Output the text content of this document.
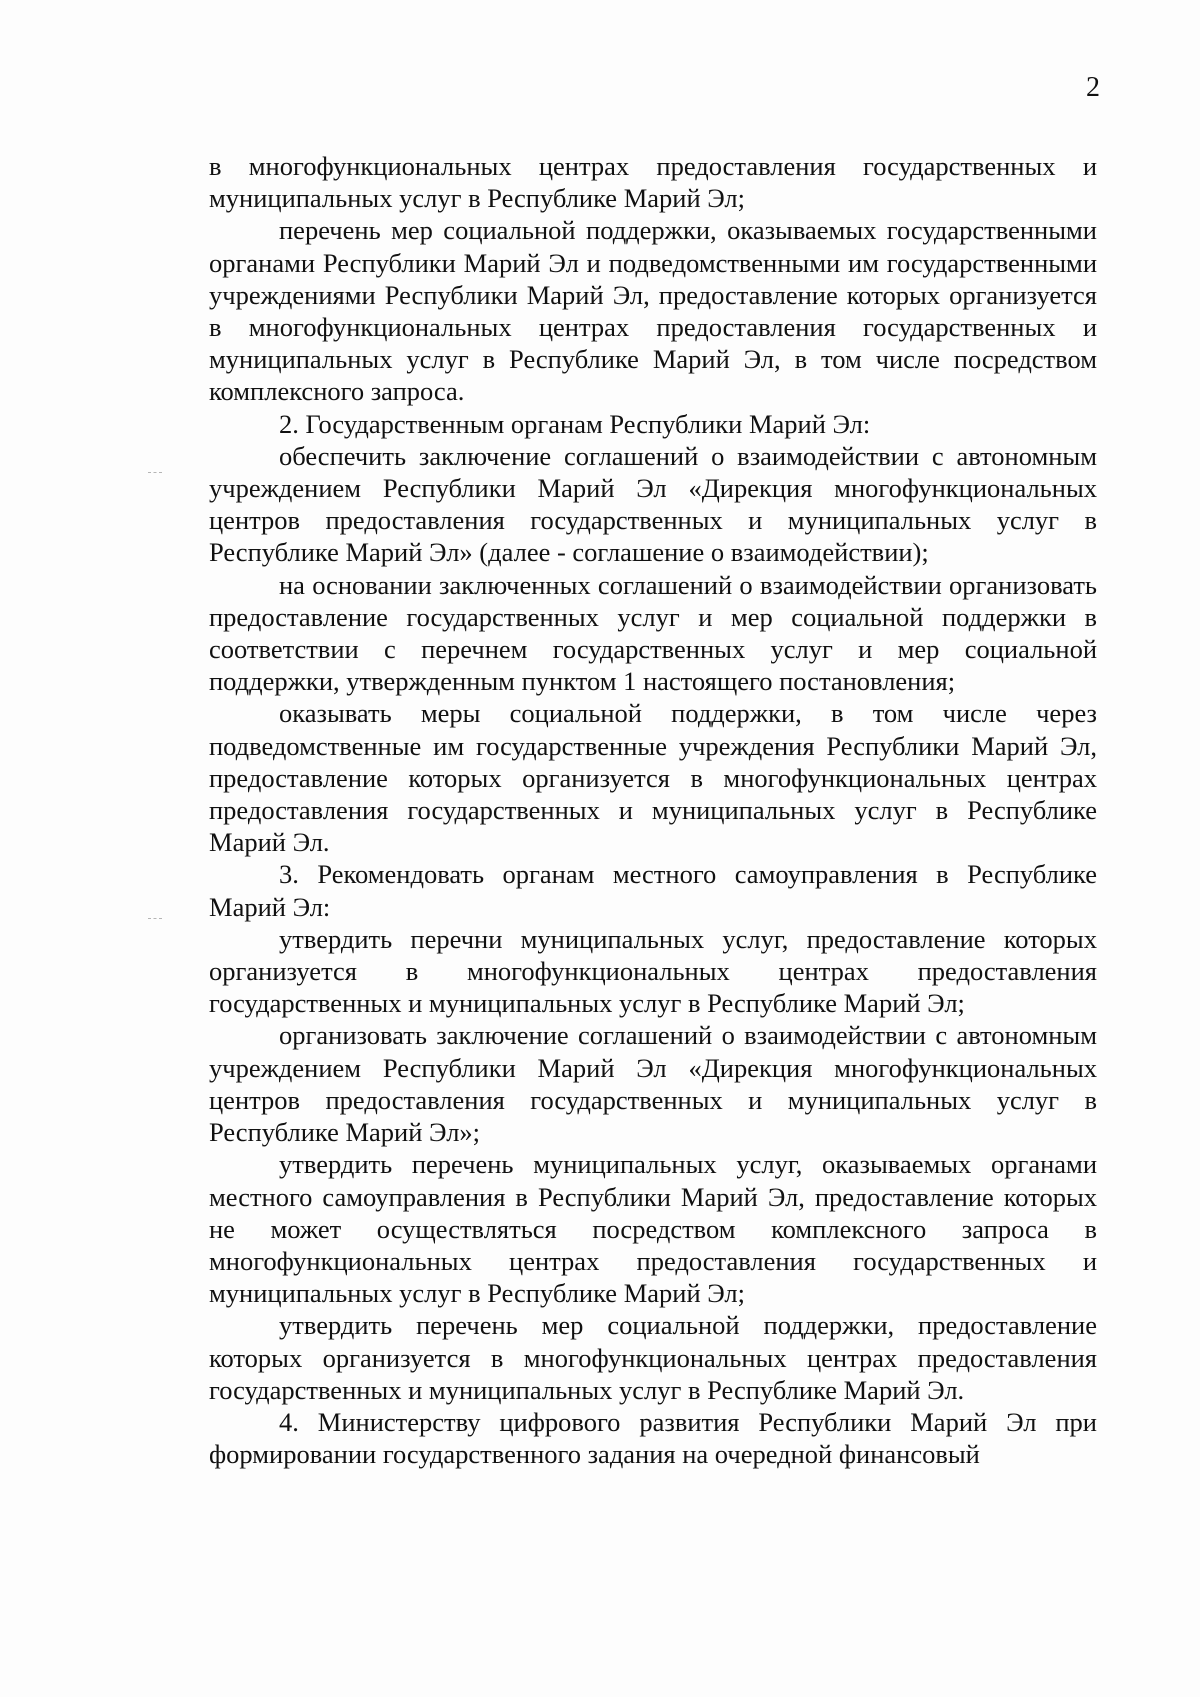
2

в многофункциональных центрах предоставления государственных и муниципальных услуг в Республике Марий Эл;

перечень мер социальной поддержки, оказываемых государственными органами Республики Марий Эл и подведомственными им государственными учреждениями Республики Марий Эл, предоставление которых организуется в многофункциональных центрах предоставления государственных и муниципальных услуг в Республике Марий Эл, в том числе посредством комплексного запроса.

2. Государственным органам Республики Марий Эл:

обеспечить заключение соглашений о взаимодействии с автономным учреждением Республики Марий Эл «Дирекция многофункциональных центров предоставления государственных и муниципальных услуг в Республике Марий Эл» (далее - соглашение о взаимодействии);

на основании заключенных соглашений о взаимодействии организовать предоставление государственных услуг и мер социальной поддержки в соответствии с перечнем государственных услуг и мер социальной поддержки, утвержденным пунктом 1 настоящего постановления;

оказывать меры социальной поддержки, в том числе через подведомственные им государственные учреждения Республики Марий Эл, предоставление которых организуется в многофункциональных центрах предоставления государственных и муниципальных услуг в Республике Марий Эл.

3. Рекомендовать органам местного самоуправления в Республике Марий Эл:

утвердить перечни муниципальных услуг, предоставление которых организуется в многофункциональных центрах предоставления государственных и муниципальных услуг в Республике Марий Эл;

организовать заключение соглашений о взаимодействии с автономным учреждением Республики Марий Эл «Дирекция многофункциональных центров предоставления государственных и муниципальных услуг в Республике Марий Эл»;

утвердить перечень муниципальных услуг, оказываемых органами местного самоуправления в Республики Марий Эл, предоставление которых не может осуществляться посредством комплексного запроса в многофункциональных центрах предоставления государственных и муниципальных услуг в Республике Марий Эл;

утвердить перечень мер социальной поддержки, предоставление которых организуется в многофункциональных центрах предоставления государственных и муниципальных услуг в Республике Марий Эл.

4. Министерству цифрового развития Республики Марий Эл при формировании государственного задания на очередной финансовый
